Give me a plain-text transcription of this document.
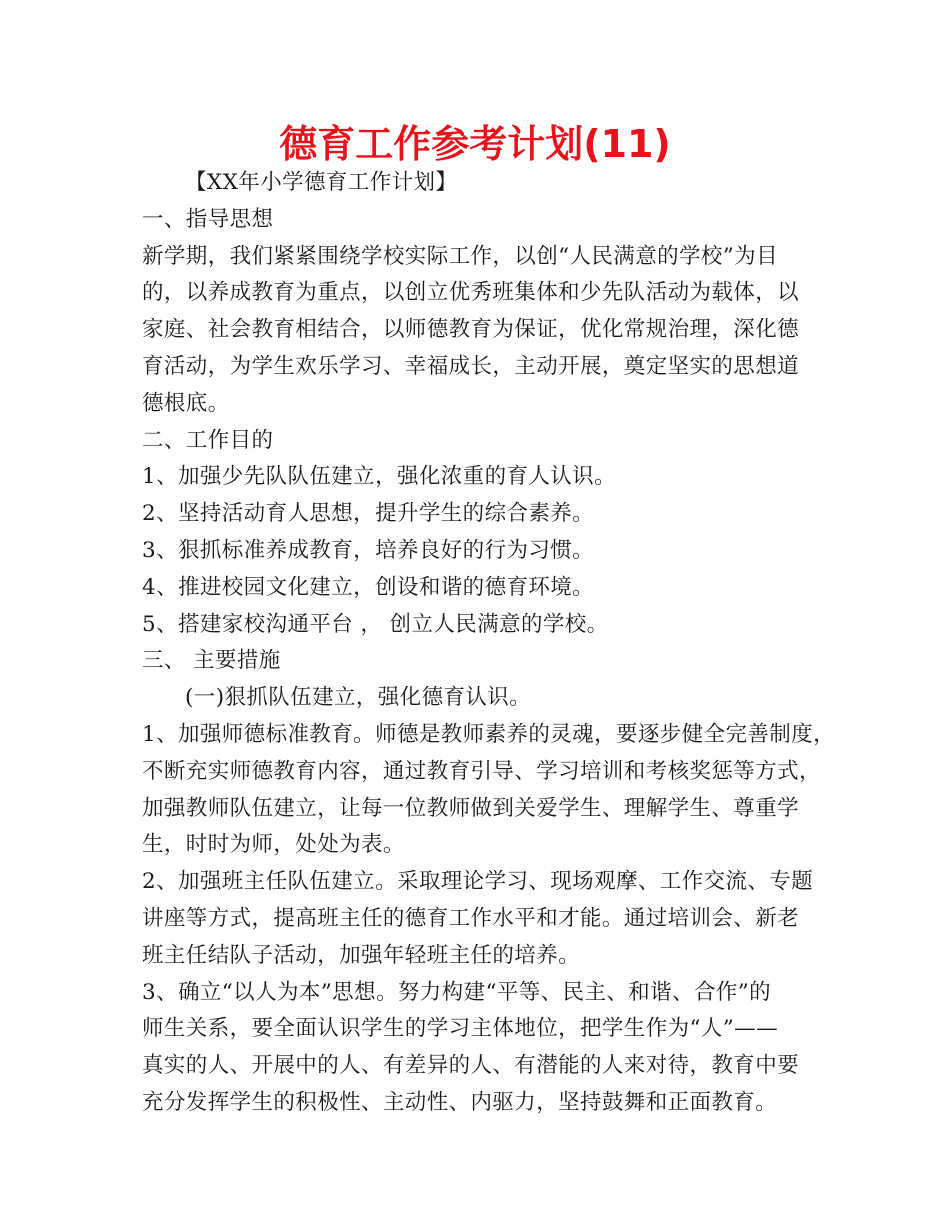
德育工作参考计划(11)
【XX年小学德育工作计划】
一、指导思想
新学期，我们紧紧围绕学校实际工作，以创“人民满意的学校”为目
的，以养成教育为重点，以创立优秀班集体和少先队活动为载体，以
家庭、社会教育相结合，以师德教育为保证，优化常规治理，深化德
育活动，为学生欢乐学习、幸福成长，主动开展，奠定坚实的思想道
德根底。
二、工作目的
1、加强少先队队伍建立，强化浓重的育人认识。
2、坚持活动育人思想，提升学生的综合素养。
3、狠抓标准养成教育，培养良好的行为习惯。
4、推进校园文化建立，创设和谐的德育环境。
5、搭建家校沟通平台 ， 创立人民满意的学校。
三、 主要措施
(一)狠抓队伍建立，强化德育认识。
1、加强师德标准教育。师德是教师素养的灵魂，要逐步健全完善制度，
不断充实师德教育内容，通过教育引导、学习培训和考核奖惩等方式，
加强教师队伍建立，让每一位教师做到关爱学生、理解学生、尊重学
生，时时为师，处处为表。
2、加强班主任队伍建立。采取理论学习、现场观摩、工作交流、专题
讲座等方式，提高班主任的德育工作水平和才能。通过培训会、新老
班主任结队子活动，加强年轻班主任的培养。
3、确立“以人为本”思想。努力构建“平等、民主、和谐、合作”的
师生关系，要全面认识学生的学习主体地位，把学生作为“人”——
真实的人、开展中的人、有差异的人、有潜能的人来对待，教育中要
充分发挥学生的积极性、主动性、内驱力，坚持鼓舞和正面教育。
